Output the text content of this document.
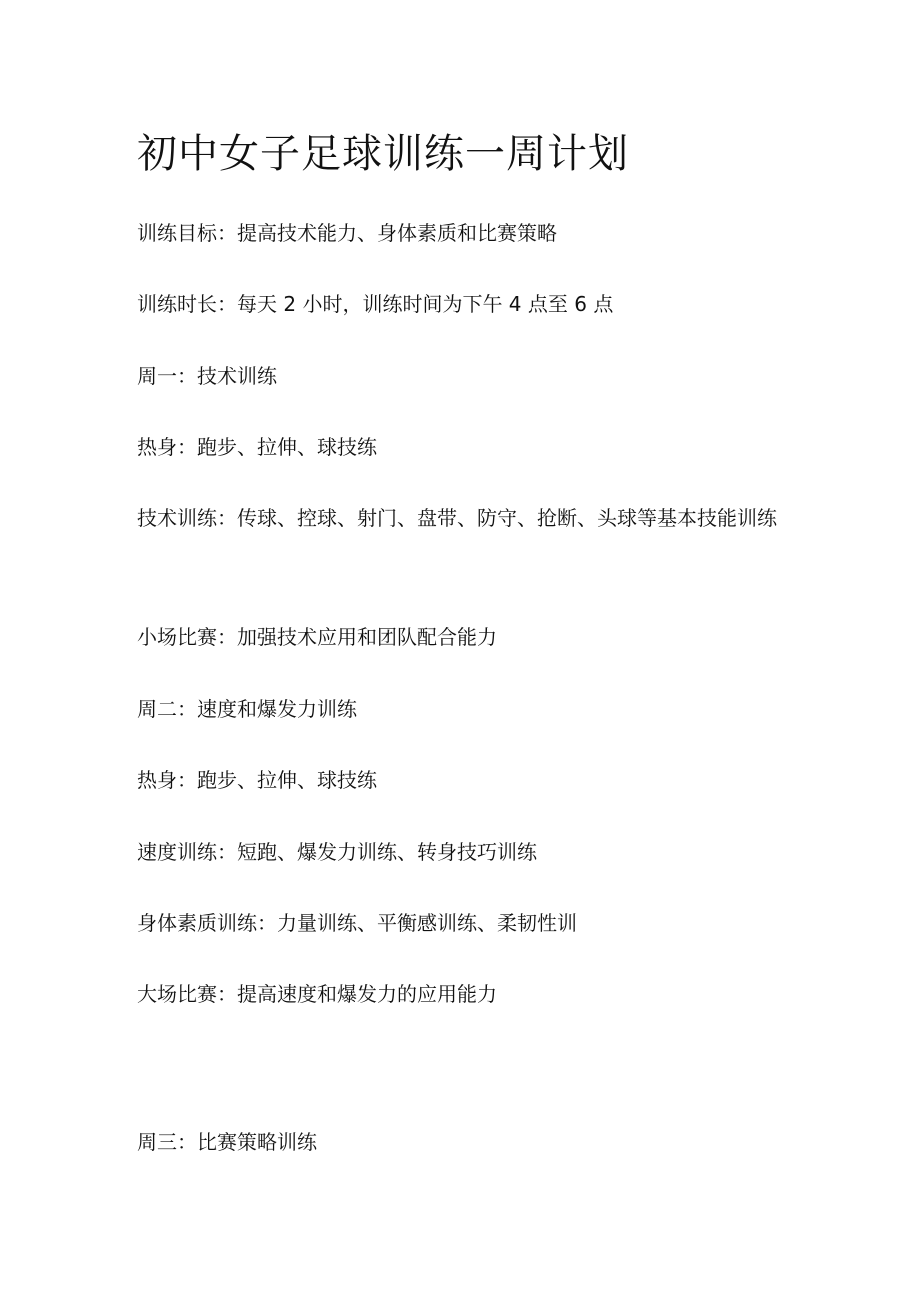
初中女子足球训练一周计划

训练目标：提高技术能力、身体素质和比赛策略

训练时长：每天 2 小时，训练时间为下午 4 点至 6 点

周一：技术训练

热身：跑步、拉伸、球技练

技术训练：传球、控球、射门、盘带、防守、抢断、头球等基本技能训练

小场比赛：加强技术应用和团队配合能力

周二：速度和爆发力训练

热身：跑步、拉伸、球技练

速度训练：短跑、爆发力训练、转身技巧训练

身体素质训练：力量训练、平衡感训练、柔韧性训

大场比赛：提高速度和爆发力的应用能力

周三：比赛策略训练
